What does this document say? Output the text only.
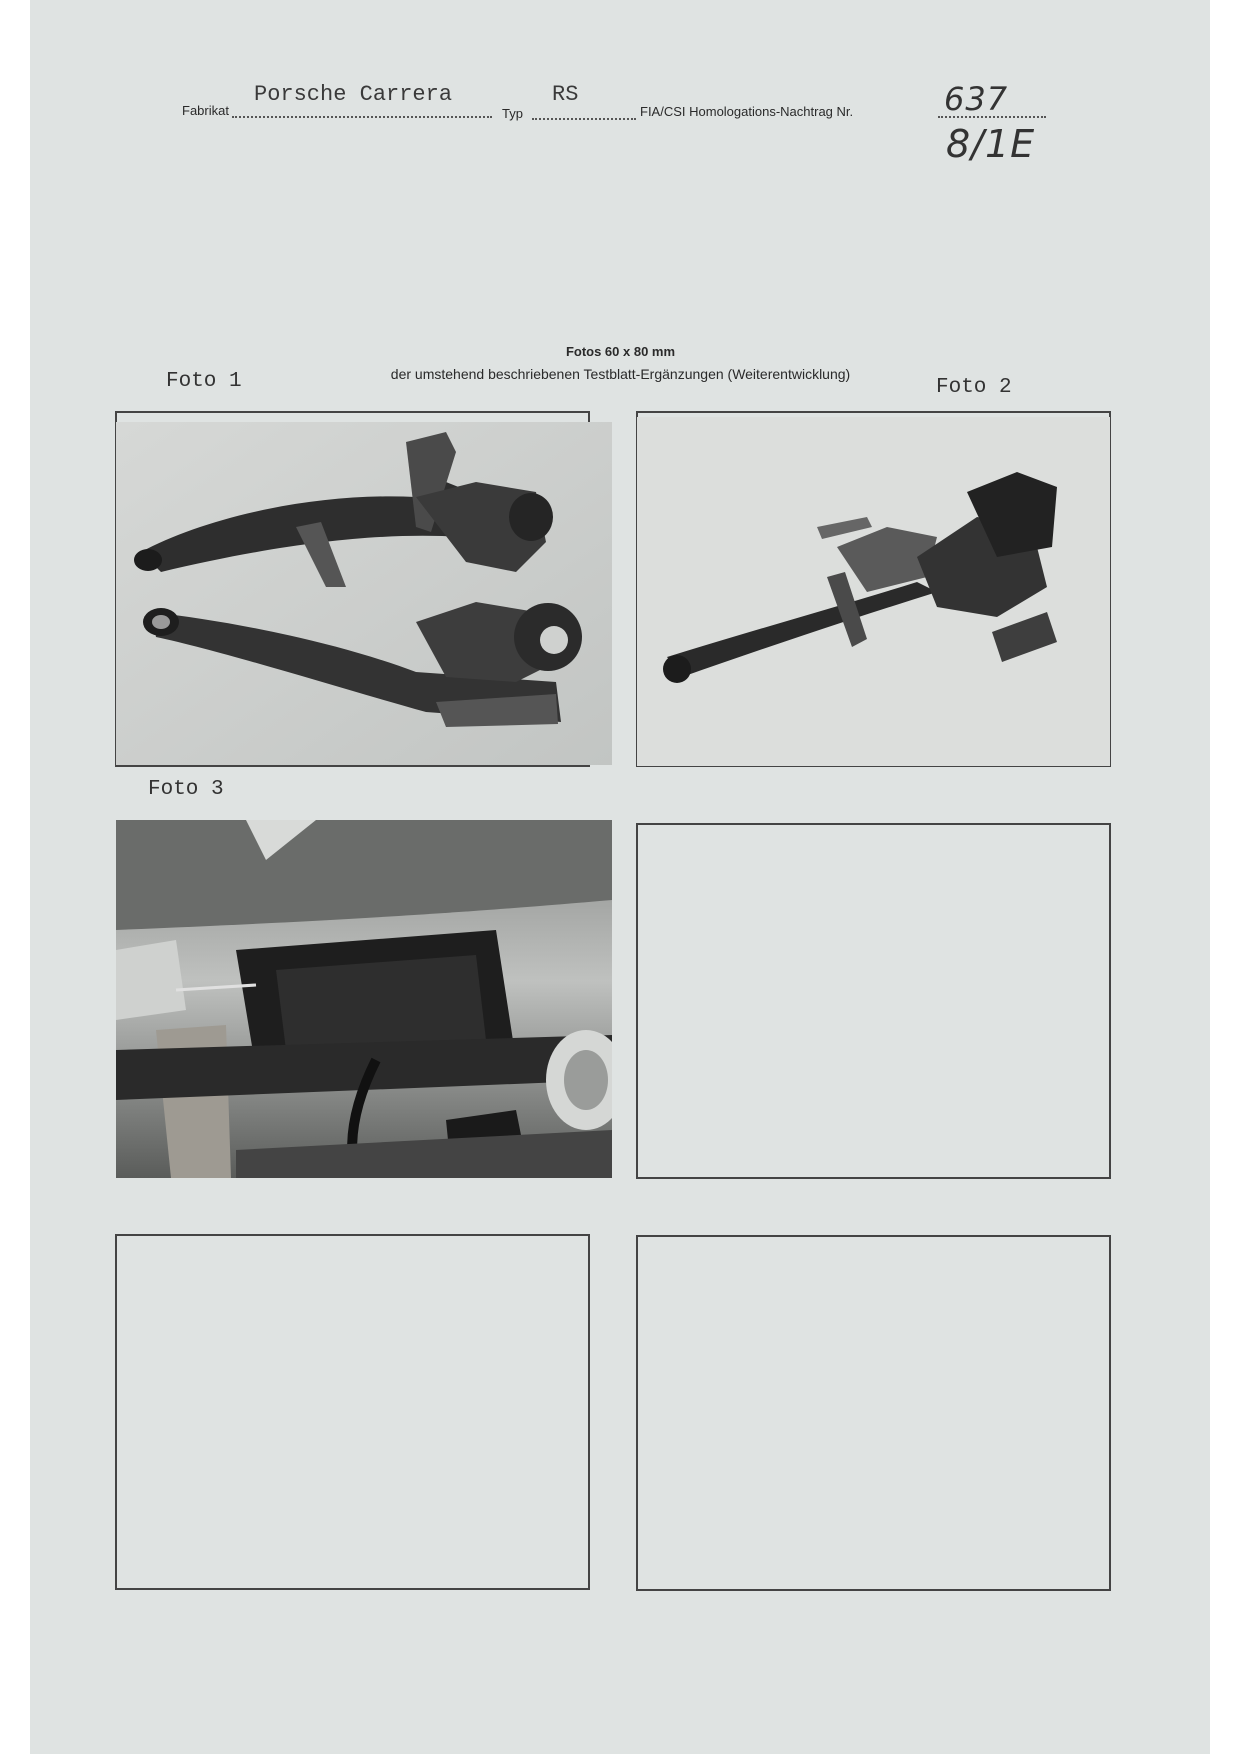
Fabrikat
Porsche Carrera
Typ
RS
FIA/CSI Homologations-Nachtrag Nr.	637
8/1E
Fotos 60 x 80 mm
der umstehend beschriebenen Testblatt-Ergänzungen (Weiterentwicklung)
Foto 1	Foto 2
Foto 3
